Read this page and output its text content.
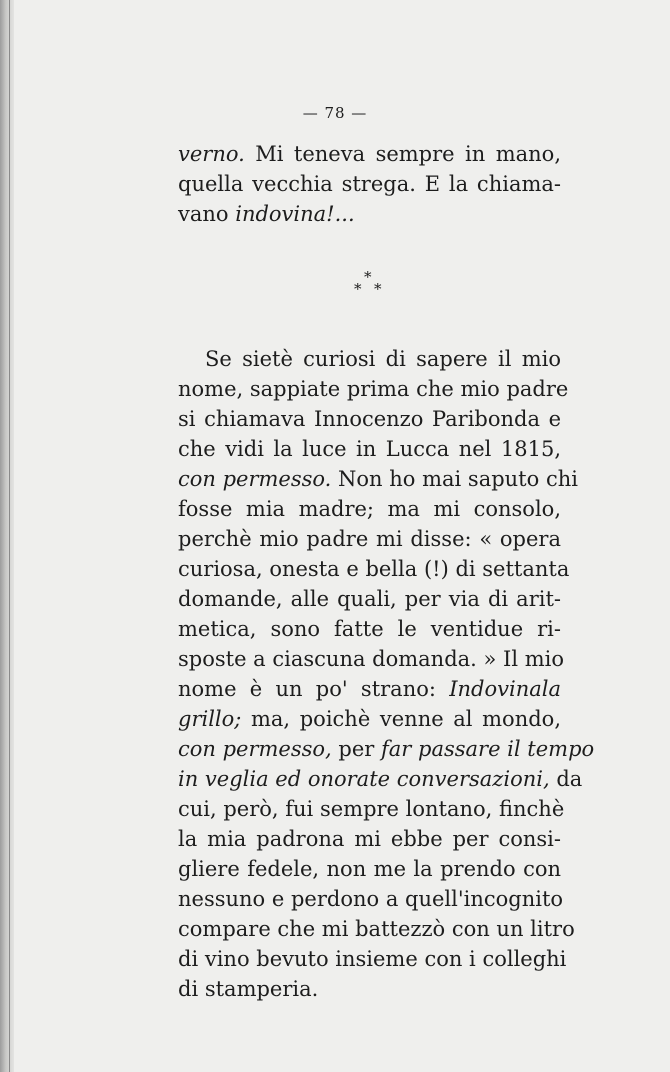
— 78 —
verno. Mi teneva sempre in mano,
quella vecchia strega. E la chiama-
vano indovina!...
*
* *
Se sietè curiosi di sapere il mio
nome, sappiate prima che mio padre
si chiamava Innocenzo Paribonda e
che vidi la luce in Lucca nel 1815,
con permesso. Non ho mai saputo chi
fosse mia madre; ma mi consolo,
perchè mio padre mi disse: « opera
curiosa, onesta e bella (!) di settanta
domande, alle quali, per via di arit-
metica, sono fatte le ventidue ri-
sposte a ciascuna domanda. » Il mio
nome è un po' strano: Indovinala
grillo; ma, poichè venne al mondo,
con permesso, per far passare il tempo
in veglia ed onorate conversazioni, da
cui, però, fui sempre lontano, finchè
la mia padrona mi ebbe per consi-
gliere fedele, non me la prendo con
nessuno e perdono a quell'incognito
compare che mi battezzò con un litro
di vino bevuto insieme con i colleghi
di stamperia.
